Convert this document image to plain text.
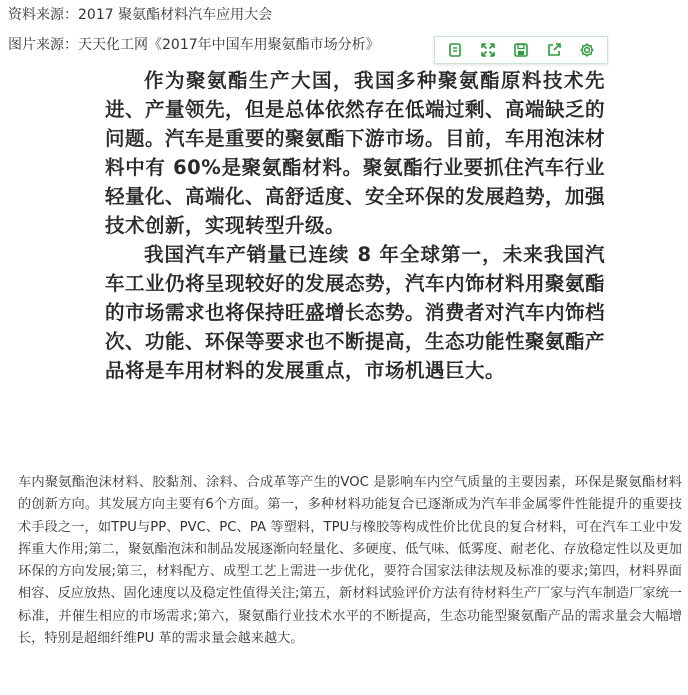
资料来源：2017 聚氨酯材料汽车应用大会
图片来源：天天化工网《2017年中国车用聚氨酯市场分析》

作为聚氨酯生产大国，我国多种聚氨酯原料技术先进、产量领先，但是总体依然存在低端过剩、高端缺乏的问题。汽车是重要的聚氨酯下游市场。目前，车用泡沫材料中有 60%是聚氨酯材料。聚氨酯行业要抓住汽车行业轻量化、高端化、高舒适度、安全环保的发展趋势，加强技术创新，实现转型升级。

我国汽车产销量已连续 8 年全球第一，未来我国汽车工业仍将呈现较好的发展态势，汽车内饰材料用聚氨酯的市场需求也将保持旺盛增长态势。消费者对汽车内饰档次、功能、环保等要求也不断提高，生态功能性聚氨酯产品将是车用材料的发展重点，市场机遇巨大。

车内聚氨酯泡沫材料、胶黏剂、涂料、合成革等产生的VOC 是影响车内空气质量的主要因素，环保是聚氨酯材料的创新方向。其发展方向主要有6个方面。第一，多种材料功能复合已逐渐成为汽车非金属零件性能提升的重要技术手段之一，如TPU与PP、PVC、PC、PA 等塑料，TPU与橡胶等构成性价比优良的复合材料，可在汽车工业中发挥重大作用;第二，聚氨酯泡沫和制品发展逐渐向轻量化、多硬度、低气味、低雾度、耐老化、存放稳定性以及更加环保的方向发展;第三，材料配方、成型工艺上需进一步优化，要符合国家法律法规及标准的要求;第四，材料界面相容、反应放热、固化速度以及稳定性值得关注;第五，新材料试验评价方法有待材料生产厂家与汽车制造厂家统一标准，并催生相应的市场需求;第六，聚氨酯行业技术水平的不断提高，生态功能型聚氨酯产品的需求量会大幅增长，特别是超细纤维PU 革的需求量会越来越大。
